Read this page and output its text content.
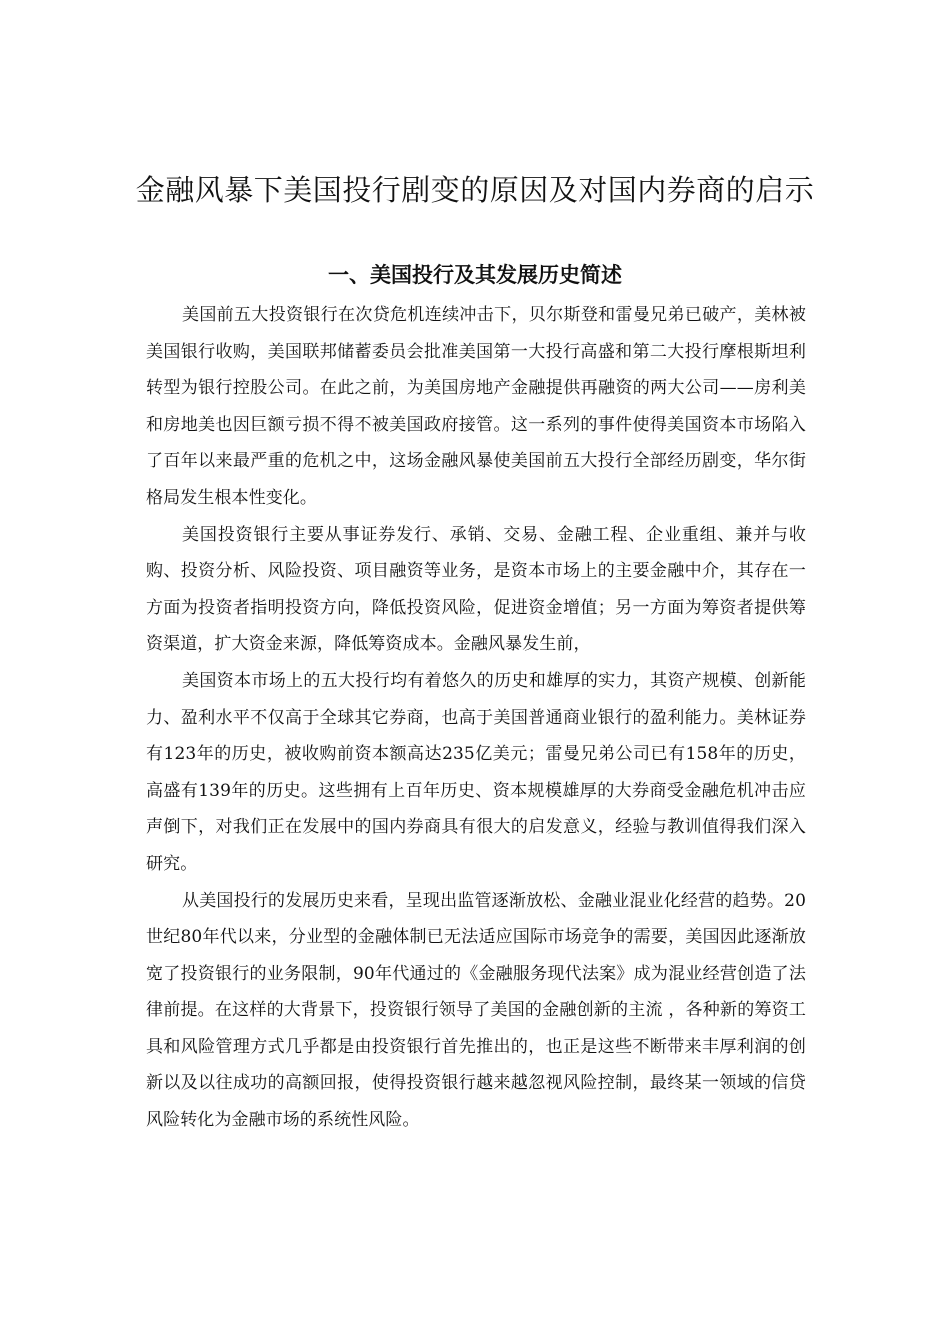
金融风暴下美国投行剧变的原因及对国内券商的启示
一、美国投行及其发展历史简述

美国前五大投资银行在次贷危机连续冲击下，贝尔斯登和雷曼兄弟已破产，美林被美国银行收购，美国联邦储蓄委员会批准美国第一大投行高盛和第二大投行摩根斯坦利转型为银行控股公司。在此之前，为美国房地产金融提供再融资的两大公司——房利美和房地美也因巨额亏损不得不被美国政府接管。这一系列的事件使得美国资本市场陷入了百年以来最严重的危机之中，这场金融风暴使美国前五大投行全部经历剧变，华尔街格局发生根本性变化。

美国投资银行主要从事证券发行、承销、交易、金融工程、企业重组、兼并与收购、投资分析、风险投资、项目融资等业务，是资本市场上的主要金融中介，其存在一方面为投资者指明投资方向，降低投资风险，促进资金增值；另一方面为筹资者提供筹资渠道，扩大资金来源，降低筹资成本。金融风暴发生前，

美国资本市场上的五大投行均有着悠久的历史和雄厚的实力，其资产规模、创新能力、盈利水平不仅高于全球其它券商，也高于美国普通商业银行的盈利能力。美林证券有123年的历史，被收购前资本额高达235亿美元；雷曼兄弟公司已有158年的历史，高盛有139年的历史。这些拥有上百年历史、资本规模雄厚的大券商受金融危机冲击应声倒下，对我们正在发展中的国内券商具有很大的启发意义，经验与教训值得我们深入研究。

从美国投行的发展历史来看，呈现出监管逐渐放松、金融业混业化经营的趋势。20世纪80年代以来，分业型的金融体制已无法适应国际市场竞争的需要，美国因此逐渐放宽了投资银行的业务限制，90年代通过的《金融服务现代法案》成为混业经营创造了法律前提。在这样的大背景下，投资银行领导了美国的金融创新的主流 ，各种新的筹资工具和风险管理方式几乎都是由投资银行首先推出的，也正是这些不断带来丰厚利润的创新以及以往成功的高额回报，使得投资银行越来越忽视风险控制，最终某一领域的信贷风险转化为金融市场的系统性风险。
